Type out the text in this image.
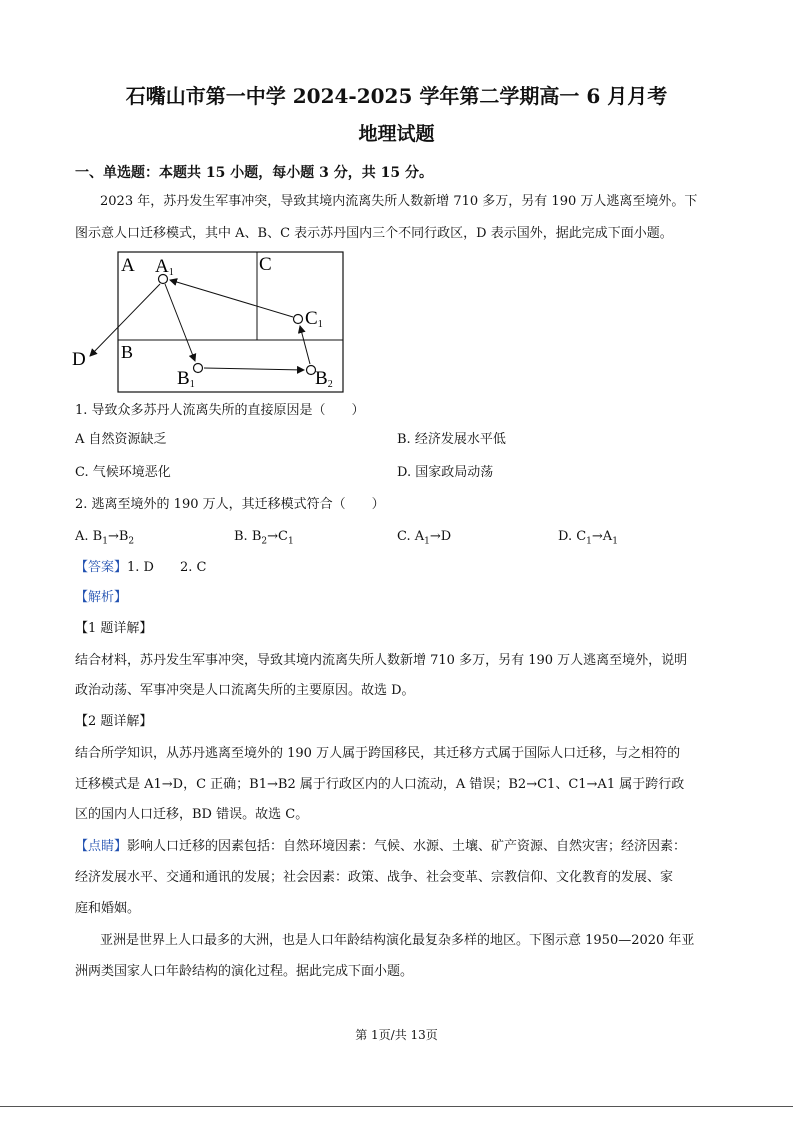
石嘴山市第一中学 2024-2025 学年第二学期高一 6 月月考
地理试题
一、单选题：本题共 15 小题，每小题 3 分，共 15 分。
2023 年，苏丹发生军事冲突，导致其境内流离失所人数新增 710 多万，另有 190 万人逃离至境外。下
图示意人口迁移模式，其中 A、B、C 表示苏丹国内三个不同行政区，D 表示国外，据此完成下面小题。
A
B
C
D
A1
B1	B2
C1
1. 导致众多苏丹人流离失所的直接原因是（　　）
A 自然资源缺乏	B. 经济发展水平低
C. 气候环境恶化	D. 国家政局动荡
2. 逃离至境外的 190 万人，其迁移模式符合（　　）
A. $B_1\to B_2$	B. $B_2\to C_1$	C. $A_1\to D$	D. $C_1\to A_1$
【答案】1. D　　2. C
【解析】
【1 题详解】
结合材料，苏丹发生军事冲突，导致其境内流离失所人数新增 710 多万，另有 190 万人逃离至境外，说明
政治动荡、军事冲突是人口流离失所的主要原因。故选 D。
【2 题详解】
结合所学知识，从苏丹逃离至境外的 190 万人属于跨国移民，其迁移方式属于国际人口迁移，与之相符的
迁移模式是 A1→D，C 正确；B1→B2 属于行政区内的人口流动，A 错误；B2→C1、C1→A1 属于跨行政
区的国内人口迁移，BD 错误。故选 C。
【点睛】影响人口迁移的因素包括：自然环境因素：气候、水源、土壤、矿产资源、自然灾害；经济因素：
经济发展水平、交通和通讯的发展；社会因素：政策、战争、社会变革、宗教信仰、文化教育的发展、家
庭和婚姻。
亚洲是世界上人口最多的大洲，也是人口年龄结构演化最复杂多样的地区。下图示意 1950—2020 年亚
洲两类国家人口年龄结构的演化过程。据此完成下面小题。
第 1页/共 13页
